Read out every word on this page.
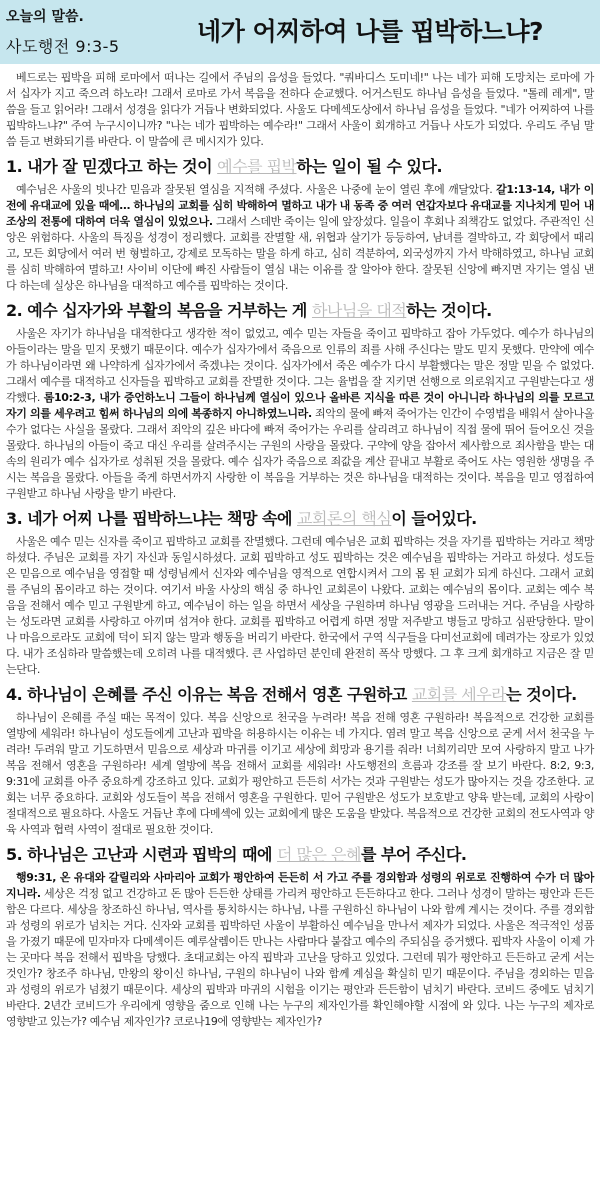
오늘의 말씀.
사도행전 9:3-5
네가 어찌하여 나를 핍박하느냐?

베드로는 핍박을 피해 로마에서 떠나는 길에서 주님의 음성을 들었다. "쿼바디스 도미네!" 나는 네가 피해 도망치는 로마에 가서 십자가 지고 죽으려 하노라! 그래서 로마로 가서 복음을 전하다 순교했다. 어거스틴도 하나님 음성을 들었다. "톨레 레게", 말씀을 들고 읽어라! 그래서 성경을 읽다가 거듭나 변화되었다. 사울도 다메섹도상에서 하나님 음성을 들었다. "네가 어찌하여 나를 핍박하느냐?" 주여 누구시이니까? "나는 네가 핍박하는 예수라!" 그래서 사울이 회개하고 거듭나 사도가 되었다. 우리도 주님 말씀 듣고 변화되기를 바란다. 이 말씀에 큰 메시지가 있다.

1. 내가 잘 믿겠다고 하는 것이 예수를 핍박하는 일이 될 수 있다.

예수님은 사울의 빗나간 믿음과 잘못된 열심을 지적해 주셨다. 사울은 나중에 눈이 열린 후에 깨달았다. 갈1:13-14, 내가 이전에 유대교에 있을 때에… 하나님의 교회를 심히 박해하여 멸하고 내가 내 동족 중 여러 연갑자보다 유대교를 지나치게 믿어 내 조상의 전통에 대하여 더욱 열심이 있었으나. 그래서 스데반 죽이는 일에 앞장섰다. 일을이 후회나 죄책감도 없었다. 주관적인 신앙은 위험하다. 사울의 특징을 성경이 정리했다. 교회를 잔멸할 새, 위협과 살기가 등등하여, 남녀를 결박하고, 각 회당에서 때리고, 모든 회당에서 여러 번 형벌하고, 강제로 모독하는 말을 하게 하고, 심히 격분하여, 외국성까지 가서 박해하였고, 하나님 교회를 심히 박해하여 멸하고! 사이비 이단에 빠진 사람들이 열심 내는 이유를 잘 알아야 한다. 잘못된 신앙에 빠지면 자기는 열심 낸다 하는데 실상은 하나님을 대적하고 예수를 핍박하는 것이다.

2. 예수 십자가와 부활의 복음을 거부하는 게 하나님을 대적하는 것이다.

사울은 자기가 하나님을 대적한다고 생각한 적이 없었고, 예수 믿는 자들을 죽이고 핍박하고 잡아 가두었다. 예수가 하나님의 아들이라는 말을 믿지 못했기 때문이다. 예수가 십자가에서 죽음으로 인류의 죄를 사해 주신다는 말도 믿지 못했다. 만약에 예수가 하나님이라면 왜 나약하게 십자가에서 죽겠냐는 것이다. 십자가에서 죽은 예수가 다시 부활했다는 말은 정말 믿을 수 없었다. 그래서 예수를 대적하고 신자들을 핍박하고 교회를 잔멸한 것이다. 그는 율법을 잘 지키면 선행으로 의로워지고 구원받는다고 생각했다. 롬10:2-3, 내가 증언하노니 그들이 하나님께 열심이 있으나 올바른 지식을 따른 것이 아니니라 하나님의 의를 모르고 자기 의를 세우려고 힘써 하나님의 의에 복종하지 아니하였느니라. 죄악의 물에 빠져 죽어가는 인간이 수영법을 배워서 살아나올 수가 없다는 사실을 몰랐다. 그래서 죄악의 깊은 바다에 빠져 죽어가는 우리를 살리려고 하나님이 직접 물에 뛰어 들어오신 것을 몰랐다. 하나님의 아들이 죽고 대신 우리를 살려주시는 구원의 사랑을 몰랐다. 구약에 양을 잡아서 제사함으로 죄사함을 받는 대속의 원리가 예수 십자가로 성취된 것을 몰랐다. 예수 십자가 죽음으로 죄값을 계산 끝내고 부활로 죽어도 사는 영원한 생명을 주시는 복음을 몰랐다. 아들을 죽게 하면서까지 사랑한 이 복음을 거부하는 것은 하나님을 대적하는 것이다. 복음을 믿고 영접하여 구원받고 하나님 사랑을 받기 바란다.

3. 네가 어찌 나를 핍박하느냐는 책망 속에 교회론의 핵심이 들어있다.

사울은 예수 믿는 신자를 죽이고 핍박하고 교회를 잔멸했다. 그런데 예수님은 교회 핍박하는 것을 자기를 핍박하는 거라고 책망하셨다. 주님은 교회를 자기 자신과 동일시하셨다. 교회 핍박하고 성도 핍박하는 것은 예수님을 핍박하는 거라고 하셨다. 성도들은 믿음으로 예수님을 영접할 때 성령님께서 신자와 예수님을 영적으로 연합시켜서 그의 몸 된 교회가 되게 하신다. 그래서 교회를 주님의 몸이라고 하는 것이다. 여기서 바울 사상의 핵심 중 하나인 교회론이 나왔다. 교회는 예수님의 몸이다. 교회는 예수 복음을 전해서 예수 믿고 구원받게 하고, 예수님이 하는 일을 하면서 세상을 구원하며 하나님 영광을 드러내는 거다. 주님을 사랑하는 성도라면 교회를 사랑하고 아끼며 섬겨야 한다. 교회를 핍박하고 어렵게 하면 정말 저주받고 병들고 망하고 심판당한다. 말이나 마음으로라도 교회에 덕이 되지 않는 말과 행동을 버리기 바란다. 한국에서 구역 식구들을 다미선교회에 데려가는 장로가 있었다. 내가 조심하라 말씀했는데 오히려 나를 대적했다. 큰 사업하던 분인데 완전히 폭삭 망했다. 그 후 크게 회개하고 지금은 잘 믿는단다.

4. 하나님이 은혜를 주신 이유는 복음 전해서 영혼 구원하고 교회를 세우라는 것이다.

하나님이 은혜를 주실 때는 목적이 있다. 복음 신앙으로 천국을 누려라! 복음 전해 영혼 구원하라! 복음적으로 건강한 교회를 열방에 세워라! 하나님이 성도들에게 고난과 핍박을 허용하시는 이유는 네 가지다. 염려 말고 복음 신앙으로 굳게 서서 천국을 누려라! 두려워 말고 기도하면서 믿음으로 세상과 마귀를 이기고 세상에 희망과 용기를 줘라! 너희끼리만 모여 사랑하지 말고 나가 복음 전해서 영혼을 구원하라! 세계 열방에 복음 전해서 교회를 세워라! 사도행전의 흐름과 강조를 잘 보기 바란다. 8:2, 9:3, 9:31에 교회를 아주 중요하게 강조하고 있다. 교회가 평안하고 든든히 서가는 것과 구원받는 성도가 많아지는 것을 강조한다. 교회는 너무 중요하다. 교회와 성도들이 복음 전해서 영혼을 구원한다. 믿어 구원받은 성도가 보호받고 양육 받는데, 교회의 사랑이 절대적으로 필요하다. 사울도 거듭난 후에 다메섹에 있는 교회에게 많은 도움을 받았다. 복음적으로 건강한 교회의 전도사역과 양육 사역과 협력 사역이 절대로 필요한 것이다.

5. 하나님은 고난과 시련과 핍박의 때에 더 많은 은혜를 부어 주신다.

행9:31, 온 유대와 갈릴리와 사마리아 교회가 평안하여 든든히 서 가고 주를 경외함과 성령의 위로로 진행하여 수가 더 많아지니라. 세상은 걱정 없고 건강하고 돈 많아 든든한 상태를 가리켜 평안하고 든든하다고 한다. 그러나 성경이 말하는 평안과 든든함은 다르다. 세상을 창조하신 하나님, 역사를 통치하시는 하나님, 나를 구원하신 하나님이 나와 함께 계시는 것이다. 주를 경외함과 성령의 위로가 넘치는 거다. 신자와 교회를 핍박하던 사울이 부활하신 예수님을 만나서 제자가 되었다. 사울은 적극적인 성품을 가졌기 때문에 믿자마자 다메섹이든 예루살렘이든 만나는 사람마다 붙잡고 예수의 주되심을 증거했다. 핍박자 사울이 이제 가는 곳마다 복음 전해서 핍박을 당했다. 초대교회는 아직 핍박과 고난을 당하고 있었다. 그런데 뭐가 평안하고 든든하고 굳게 서는 것인가? 창조주 하나님, 만왕의 왕이신 하나님, 구원의 하나님이 나와 함께 계심을 확실히 믿기 때문이다. 주님을 경외하는 믿음과 성령의 위로가 넘쳤기 때문이다. 세상의 핍박과 마귀의 시험을 이기는 평안과 든든함이 넘치기 바란다. 코비드 중에도 넘치기 바란다. 2년간 코비드가 우리에게 영향을 줌으로 인해 나는 누구의 제자인가를 확인해야할 시점에 와 있다. 나는 누구의 제자로 영향받고 있는가? 예수님 제자인가? 코로나19에 영향받는 제자인가?
